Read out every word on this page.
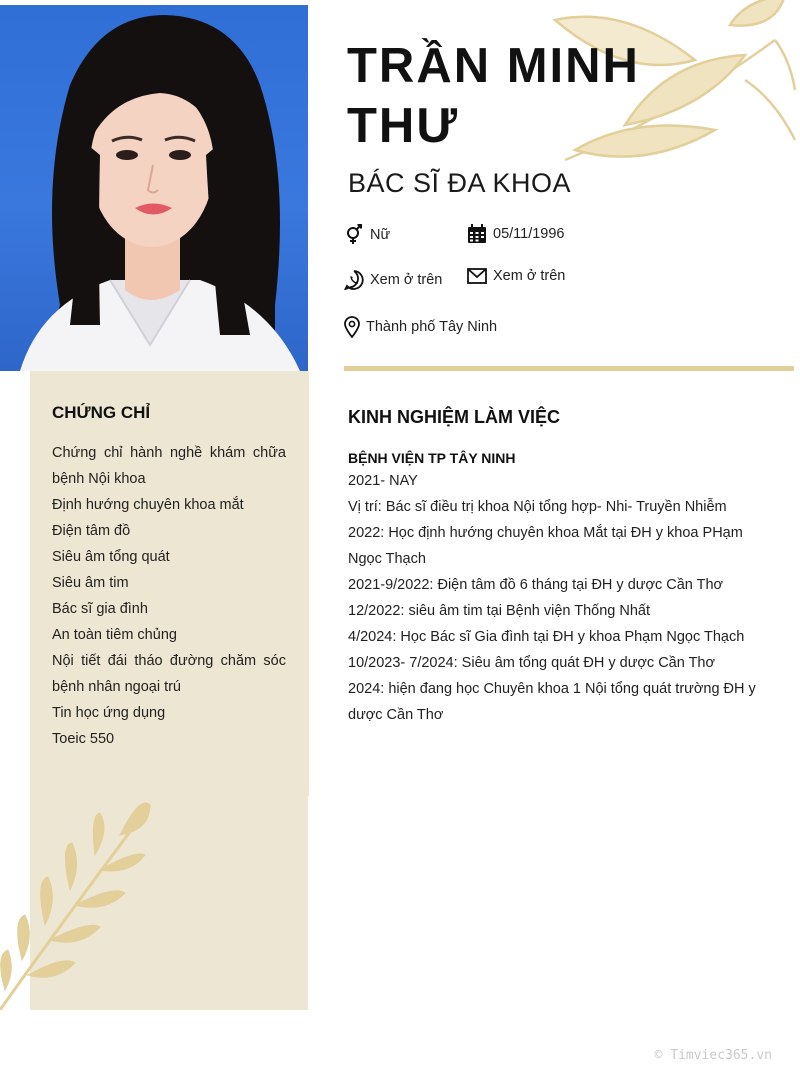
TRẦN MINH THƯ
BÁC SĨ ĐA KHOA
Nữ	05/11/1996
Xem ở trên	Xem ở trên
Thành phố Tây Ninh
CHỨNG CHỈ
Chứng chỉ hành nghề khám chữa bệnh Nội khoa
Định hướng chuyên khoa mắt
Điện tâm đồ
Siêu âm tổng quát
Siêu âm tim
Bác sĩ gia đình
An toàn tiêm chủng
Nội tiết đái tháo đường chăm sóc bệnh nhân ngoại trú
Tin học ứng dụng
Toeic 550
KINH NGHIỆM LÀM VIỆC
BỆNH VIỆN TP TÂY NINH
2021- NAY
Vị trí: Bác sĩ điều trị khoa Nội tổng hợp- Nhi- Truyền Nhiễm
2022: Học định hướng chuyên khoa Mắt tại ĐH y khoa PHạm Ngọc Thạch
2021-9/2022: Điện tâm đồ 6 tháng tại ĐH y dược Cần Thơ
12/2022: siêu âm tim tại Bệnh viện Thống Nhất
4/2024: Học Bác sĩ Gia đình tại ĐH y khoa Phạm Ngọc Thạch
10/2023- 7/2024: Siêu âm tổng quát ĐH y dược Cần Thơ
2024: hiện đang học Chuyên khoa 1 Nội tổng quát trường ĐH y dược Cần Thơ
© Timviec365.vn
